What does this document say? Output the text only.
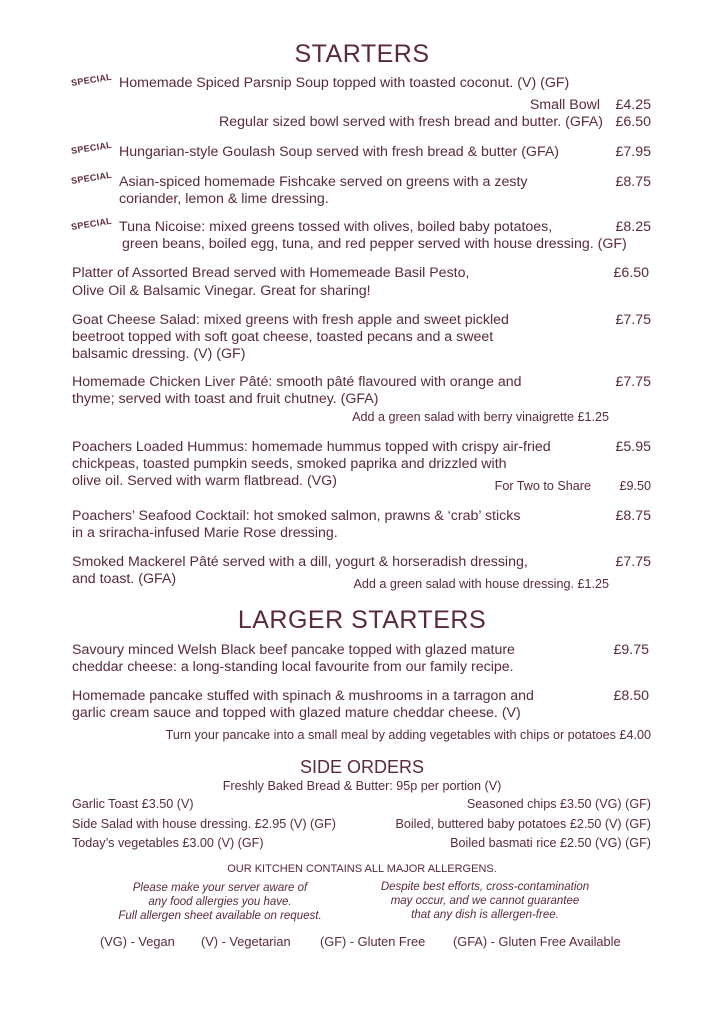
STARTERS
SPECIAL Homemade Spiced Parsnip Soup topped with toasted coconut. (V) (GF)
Small Bowl £4.25
Regular sized bowl served with fresh bread and butter. (GFA) £6.50
SPECIAL Hungarian-style Goulash Soup served with fresh bread & butter (GFA)	£7.95
SPECIAL Asian-spiced homemade Fishcake served on greens with a zesty
coriander, lemon & lime dressing.
£8.75
SPECIAL Tuna Nicoise: mixed greens tossed with olives, boiled baby potatoes,
green beans, boiled egg, tuna, and red pepper served with house dressing. (GF)
£8.25
Platter of Assorted Bread served with Homemeade Basil Pesto,
Olive Oil & Balsamic Vinegar. Great for sharing!
£6.50
Goat Cheese Salad: mixed greens with fresh apple and sweet pickled
beetroot topped with soft goat cheese, toasted pecans and a sweet
balsamic dressing. (V) (GF)
£7.75
Homemade Chicken Liver Pâté: smooth pâté flavoured with orange and
thyme; served with toast and fruit chutney. (GFA)
£7.75
Add a green salad with berry vinaigrette £1.25
Poachers Loaded Hummus: homemade hummus topped with crispy air-fried
chickpeas, toasted pumpkin seeds, smoked paprika and drizzled with
olive oil. Served with warm flatbread. (VG)
£5.95
For Two to Share £9.50
Poachers’ Seafood Cocktail: hot smoked salmon, prawns & ‘crab’ sticks
in a sriracha-infused Marie Rose dressing.
£8.75
Smoked Mackerel Pâté served with a dill, yogurt & horseradish dressing,
and toast. (GFA)
£7.75
Add a green salad with house dressing. £1.25
LARGER STARTERS
Savoury minced Welsh Black beef pancake topped with glazed mature
cheddar cheese: a long-standing local favourite from our family recipe.
£9.75
Homemade pancake stuffed with spinach & mushrooms in a tarragon and
garlic cream sauce and topped with glazed mature cheddar cheese. (V)
£8.50
Turn your pancake into a small meal by adding vegetables with chips or potatoes £4.00
SIDE ORDERS
Freshly Baked Bread & Butter: 95p per portion (V)
Garlic Toast £3.50 (V)
Side Salad with house dressing. £2.95 (V) (GF)
Today’s vegetables £3.00 (V) (GF)
Seasoned chips £3.50 (VG) (GF)
Boiled, buttered baby potatoes £2.50 (V) (GF)
Boiled basmati rice £2.50 (VG) (GF)
OUR KITCHEN CONTAINS ALL MAJOR ALLERGENS.
Please make your server aware of
any food allergies you have.
Full allergen sheet available on request.
Despite best efforts, cross-contamination
may occur, and we cannot guarantee
that any dish is allergen-free.
(VG) - Vegan (V) - Vegetarian (GF) - Gluten Free (GFA) - Gluten Free Available
